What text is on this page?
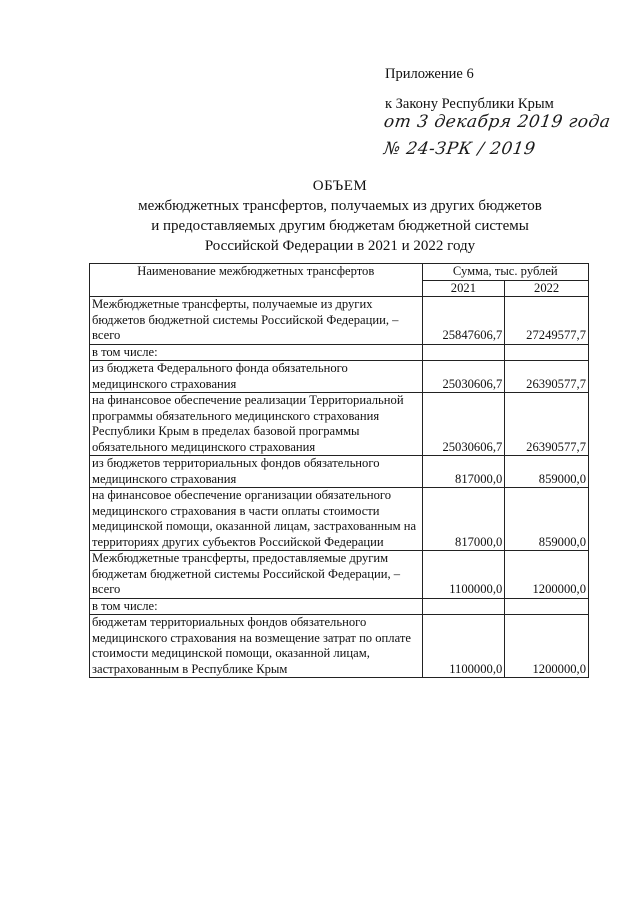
Приложение 6
к Закону Республики Крым
от 3 декабря 2019 года
№ 24-ЗРК / 2019
ОБЪЕМ
межбюджетных трансфертов, получаемых из других бюджетов
и предоставляемых другим бюджетам бюджетной системы
Российской Федерации в 2021 и 2022 году
Наименование межбюджетных трансфертов	Сумма, тыс. рублей	
	2021	2022
Межбюджетные трансферты, получаемые из других бюджетов бюджетной системы Российской Федерации, – всего	25847606,7	27249577,7
в том числе:		
из бюджета Федерального фонда обязательного медицинского страхования	25030606,7	26390577,7
на финансовое обеспечение реализации Территориальной программы обязательного медицинского страхования Республики Крым в пределах базовой программы обязательного медицинского страхования	25030606,7	26390577,7
из бюджетов территориальных фондов обязательного медицинского страхования	817000,0	859000,0
на финансовое обеспечение организации обязательного медицинского страхования в части оплаты стоимости медицинской помощи, оказанной лицам, застрахованным на территориях других субъектов Российской Федерации	817000,0	859000,0
Межбюджетные трансферты, предоставляемые другим бюджетам бюджетной системы Российской Федерации, – всего	1100000,0	1200000,0
в том числе:		
бюджетам территориальных фондов обязательного медицинского страхования на возмещение затрат по оплате стоимости медицинской помощи, оказанной лицам, застрахованным в Республике Крым	1100000,0	1200000,0
